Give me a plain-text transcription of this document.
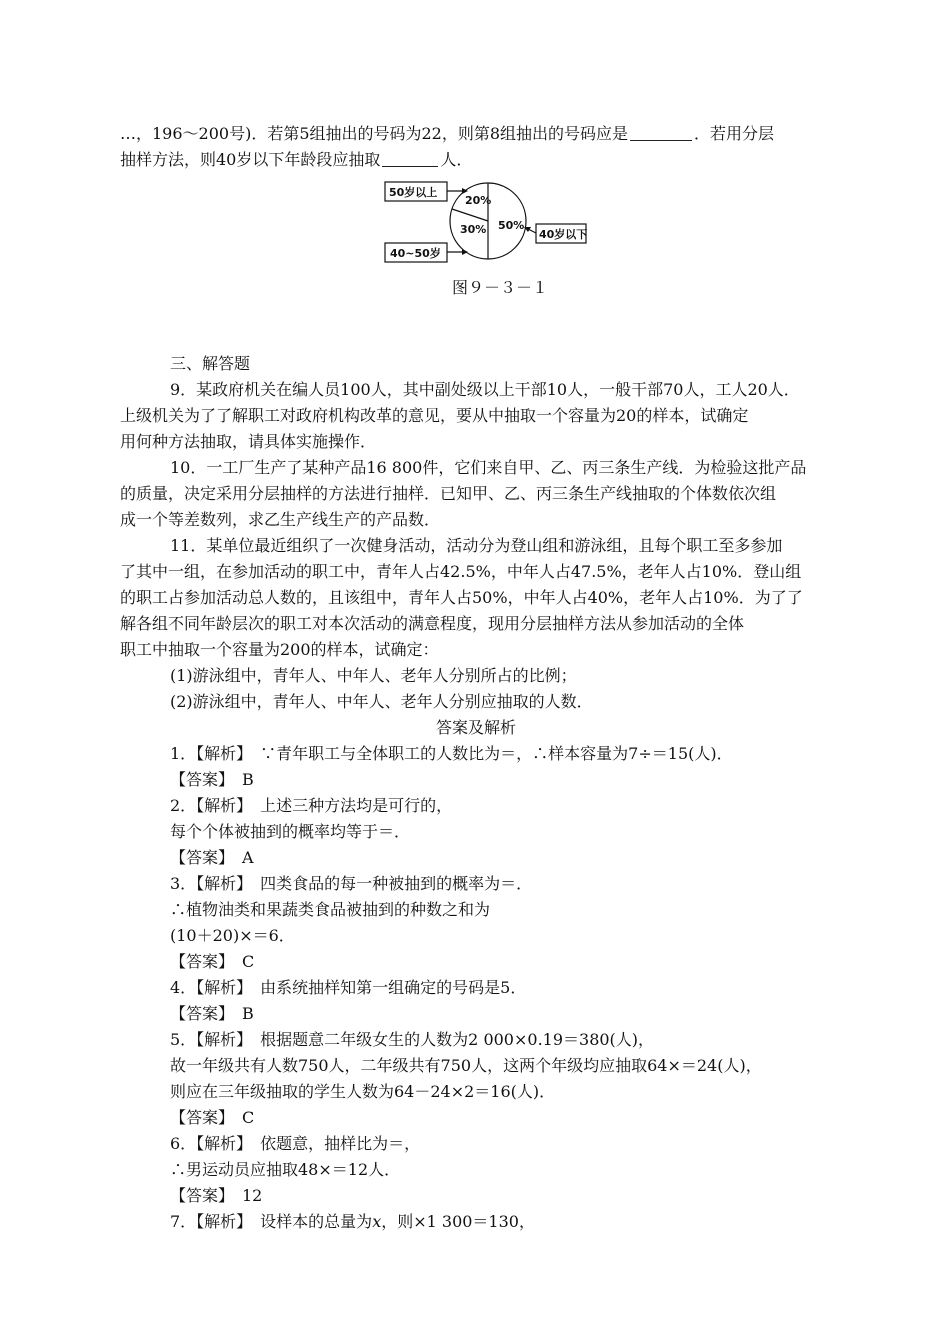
…，196～200号)．若第5组抽出的号码为22，则第8组抽出的号码应是	．若用分层
抽样方法，则40岁以下年龄段应抽取	人．
50岁以上
40~50岁
40岁以下
20%
30% 50%
图９－３－１
三、解答题
9．某政府机关在编人员100人，其中副处级以上干部10人，一般干部70人，工人20人．
上级机关为了了解职工对政府机构改革的意见，要从中抽取一个容量为20的样本，试确定
用何种方法抽取，请具体实施操作．
10．一工厂生产了某种产品16 800件，它们来自甲、乙、丙三条生产线．为检验这批产品
的质量，决定采用分层抽样的方法进行抽样．已知甲、乙、丙三条生产线抽取的个体数依次组
成一个等差数列，求乙生产线生产的产品数．
11．某单位最近组织了一次健身活动，活动分为登山组和游泳组，且每个职工至多参加
了其中一组，在参加活动的职工中，青年人占42.5%，中年人占47.5%，老年人占10%．登山组
的职工占参加活动总人数的，且该组中，青年人占50%，中年人占40%，老年人占10%．为了了
解各组不同年龄层次的职工对本次活动的满意程度，现用分层抽样方法从参加活动的全体
职工中抽取一个容量为200的样本，试确定：
(1)游泳组中，青年人、中年人、老年人分别所占的比例；
(2)游泳组中，青年人、中年人、老年人分别应抽取的人数．
答案及解析
1．【解析】　∵青年职工与全体职工的人数比为＝，∴样本容量为7÷＝15(人)．
【答案】　B
2．【解析】　上述三种方法均是可行的，
每个个体被抽到的概率均等于＝．
【答案】　A
3．【解析】　四类食品的每一种被抽到的概率为＝．
∴植物油类和果蔬类食品被抽到的种数之和为
(10＋20)×＝6．
【答案】　C
4．【解析】　由系统抽样知第一组确定的号码是5．
【答案】　B
5．【解析】　根据题意二年级女生的人数为2 000×0.19＝380(人)，
故一年级共有人数750人，二年级共有750人，这两个年级均应抽取64×＝24(人)，
则应在三年级抽取的学生人数为64－24×2＝16(人)．
【答案】　C
6．【解析】　依题意，抽样比为＝，
∴男运动员应抽取48×＝12人．
【答案】　12
7．【解析】　设样本的总量为x，则×1 300＝130，
